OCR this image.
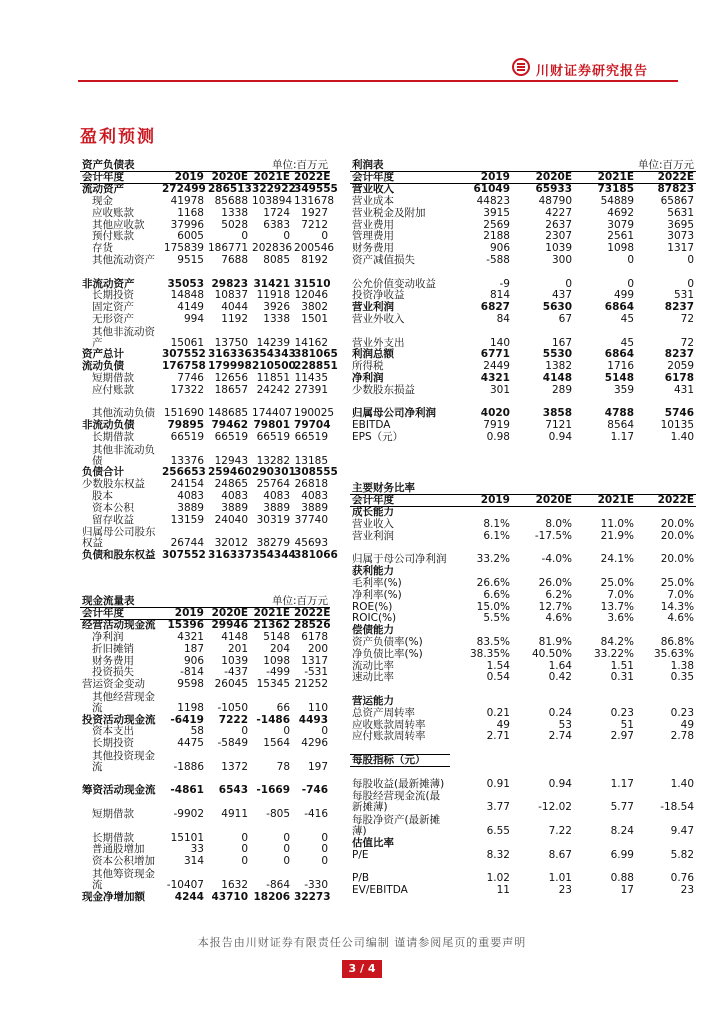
川财证券研究报告
盈利预测
资产负债表			单位:百万元	
会计年度	2019	2020E	2021E	2022E
流动资产	272499	286513	322922	349555
现金	41978	85688	103894	131678
应收账款	1168	1338	1724	1927
其他应收款	37996	5028	6383	7212
预付账款	6005	0	0	0
存货	175839	186771	202836	200546
其他流动资产	9515	7688	8085	8192

非流动资产	35053	29823	31421	31510
长期投资	14848	10837	11918	12046
固定资产	4149	4044	3926	3802
无形资产	994	1192	1338	1501
其他非流动资产	15061	13750	14239	14162
资产总计	307552	316336	354343	381065
流动负债	176758	179998	210500	228851
短期借款	7746	12656	11851	11435
应付账款	17322	18657	24242	27391

其他流动负债	151690	148685	174407	190025
非流动负债	79895	79462	79801	79704
长期借款	66519	66519	66519	66519
其他非流动负债	13376	12943	13282	13185
负债合计	256653	259460	290301	308555
少数股东权益	24154	24865	25764	26818
股本	4083	4083	4083	4083
资本公积	3889	3889	3889	3889
留存收益	13159	24040	30319	37740
归属母公司股东权益	26744	32012	38279	45693
负债和股东权益	307552	316337	354344	381066
利润表			单位:百万元	
会计年度	2019	2020E	2021E	2022E
营业收入	61049	65933	73185	87823
营业成本	44823	48790	54889	65867
营业税金及附加	3915	4227	4692	5631
营业费用	2569	2637	3079	3695
管理费用	2188	2307	2561	3073
财务费用	906	1039	1098	1317
资产减值损失	-588	300	0	0
公允价值变动收益	-9	0	0	0
投资净收益	814	437	499	531
营业利润	6827	5630	6864	8237
营业外收入	84	67	45	72

营业外支出	140	167	45	72
利润总额	6771	5530	6864	8237
所得税	2449	1382	1716	2059
净利润	4321	4148	5148	6178
少数股东损益	301	289	359	431
归属母公司净利润	4020	3858	4788	5746
EBITDA	7919	7121	8564	10135
EPS（元）	0.98	0.94	1.17	1.40
现金流量表			单位:百万元	
会计年度	2019	2020E	2021E	2022E
经营活动现金流	15396	29946	21362	28526
净利润	4321	4148	5148	6178
折旧摊销	187	201	204	200
财务费用	906	1039	1098	1317
投资损失	-814	-437	-499	-531
营运资金变动	9598	26045	15345	21252
其他经营现金流	1198	-1050	66	110
投资活动现金流	-6419	7222	-1486	4493
资本支出	58	0	0	0
长期投资	4475	-5849	1564	4296
其他投资现金流	-1886	1372	78	197

筹资活动现金流	-4861	6543	-1669	-746

短期借款	-9902	4911	-805	-416

长期借款	15101	0	0	0
普通股增加	33	0	0	0
资本公积增加	314	0	0	0
其他筹资现金流	-10407	1632	-864	-330
现金净增加额	4244	43710	18206	32273
主要财务比率				
会计年度	2019	2020E	2021E	2022E
成长能力				
营业收入	8.1%	8.0%	11.0%	20.0%
营业利润	6.1%	-17.5%	21.9%	20.0%
归属于母公司净利润	33.2%	-4.0%	24.1%	20.0%
获利能力				
毛利率(%)	26.6%	26.0%	25.0%	25.0%
净利率(%)	6.6%	6.2%	7.0%	7.0%
ROE(%)	15.0%	12.7%	13.7%	14.3%
ROIC(%)	5.5%	4.6%	3.6%	4.6%
偿债能力				
资产负债率(%)	83.5%	81.9%	84.2%	86.8%
净负债比率(%)	38.35%	40.50%	33.22%	35.63%
流动比率	1.54	1.64	1.51	1.38
速动比率	0.54	0.42	0.31	0.35

营运能力				
总资产周转率	0.21	0.24	0.23	0.23
应收账款周转率	49	53	51	49
应付账款周转率	2.71	2.74	2.97	2.78

每股指标（元）				
每股收益(最新摊薄)	0.91	0.94	1.17	1.40
每股经营现金流(最新摊薄)	3.77	-12.02	5.77	-18.54
每股净资产(最新摊薄)	6.55	7.22	8.24	9.47
估值比率				
P/E	8.32	8.67	6.99	5.82

P/B	1.02	1.01	0.88	0.76
EV/EBITDA	11	23	17	23
本报告由川财证券有限责任公司编制 谨请参阅尾页的重要声明
3 / 4
